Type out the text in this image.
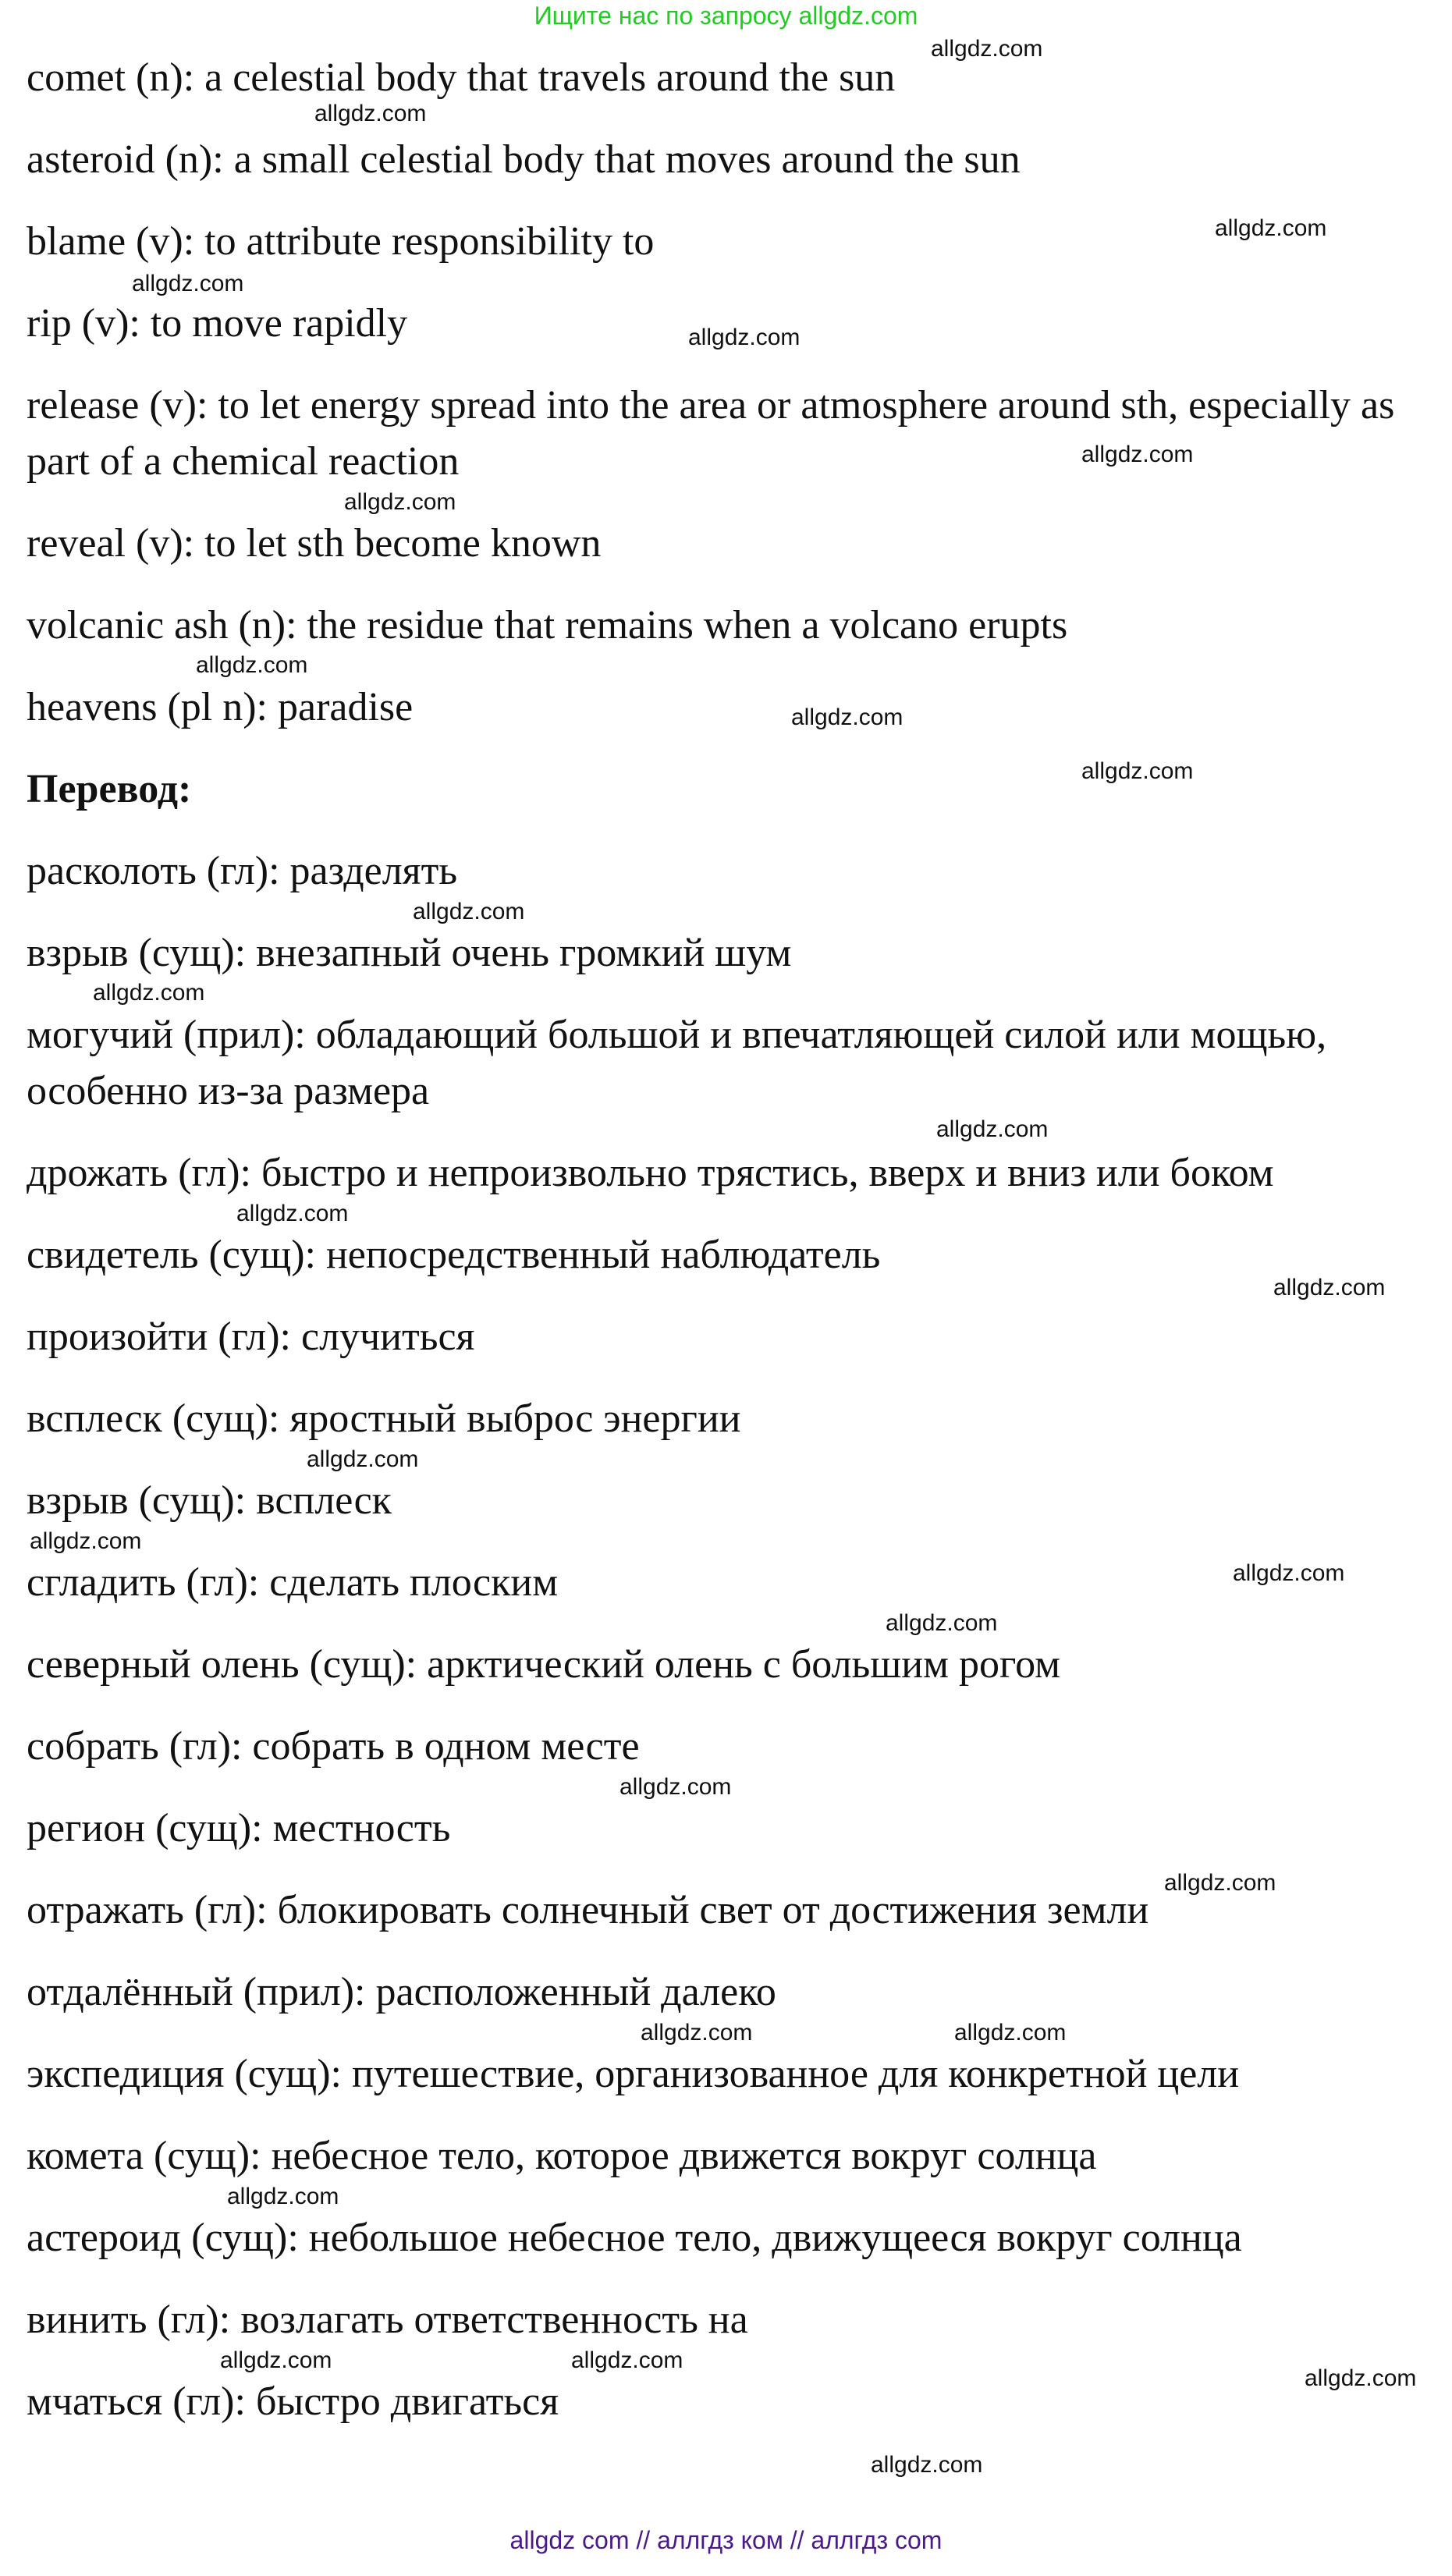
Ищите нас по запросу allgdz.com
comet (n): a celestial body that travels around the sun
asteroid (n): a small celestial body that moves around the sun
blame (v): to attribute responsibility to
rip (v): to move rapidly
release (v): to let energy spread into the area or atmosphere around sth, especially as part of a chemical reaction
reveal (v): to let sth become known
volcanic ash (n): the residue that remains when a volcano erupts
heavens (pl n): paradise
Перевод:
расколоть (гл): разделять
взрыв (сущ): внезапный очень громкий шум
могучий (прил): обладающий большой и впечатляющей силой или мощью, особенно из-за размера
дрожать (гл): быстро и непроизвольно трястись, вверх и вниз или боком
свидетель (сущ): непосредственный наблюдатель
произойти (гл): случиться
всплеск (сущ): яростный выброс энергии
взрыв (сущ): всплеск
сгладить (гл): сделать плоским
северный олень (сущ): арктический олень с большим рогом
собрать (гл): собрать в одном месте
регион (сущ): местность
отражать (гл): блокировать солнечный свет от достижения земли
отдалённый (прил): расположенный далеко
экспедиция (сущ): путешествие, организованное для конкретной цели
комета (сущ): небесное тело, которое движется вокруг солнца
астероид (сущ): небольшое небесное тело, движущееся вокруг солнца
винить (гл): возлагать ответственность на
мчаться (гл): быстро двигаться
allgdz.com
allgdz.com
allgdz.com
allgdz.com
allgdz.com
allgdz.com
allgdz.com
allgdz.com
allgdz.com
allgdz.com
allgdz.com
allgdz.com
allgdz.com
allgdz.com
allgdz.com
allgdz.com
allgdz.com
allgdz.com
allgdz.com
allgdz.com
allgdz.com
allgdz.com	allgdz.com
allgdz.com
allgdz.com
allgdz.com
allgdz.com
allgdz.com
allgdz com // аллгдз ком // аллгдз com
